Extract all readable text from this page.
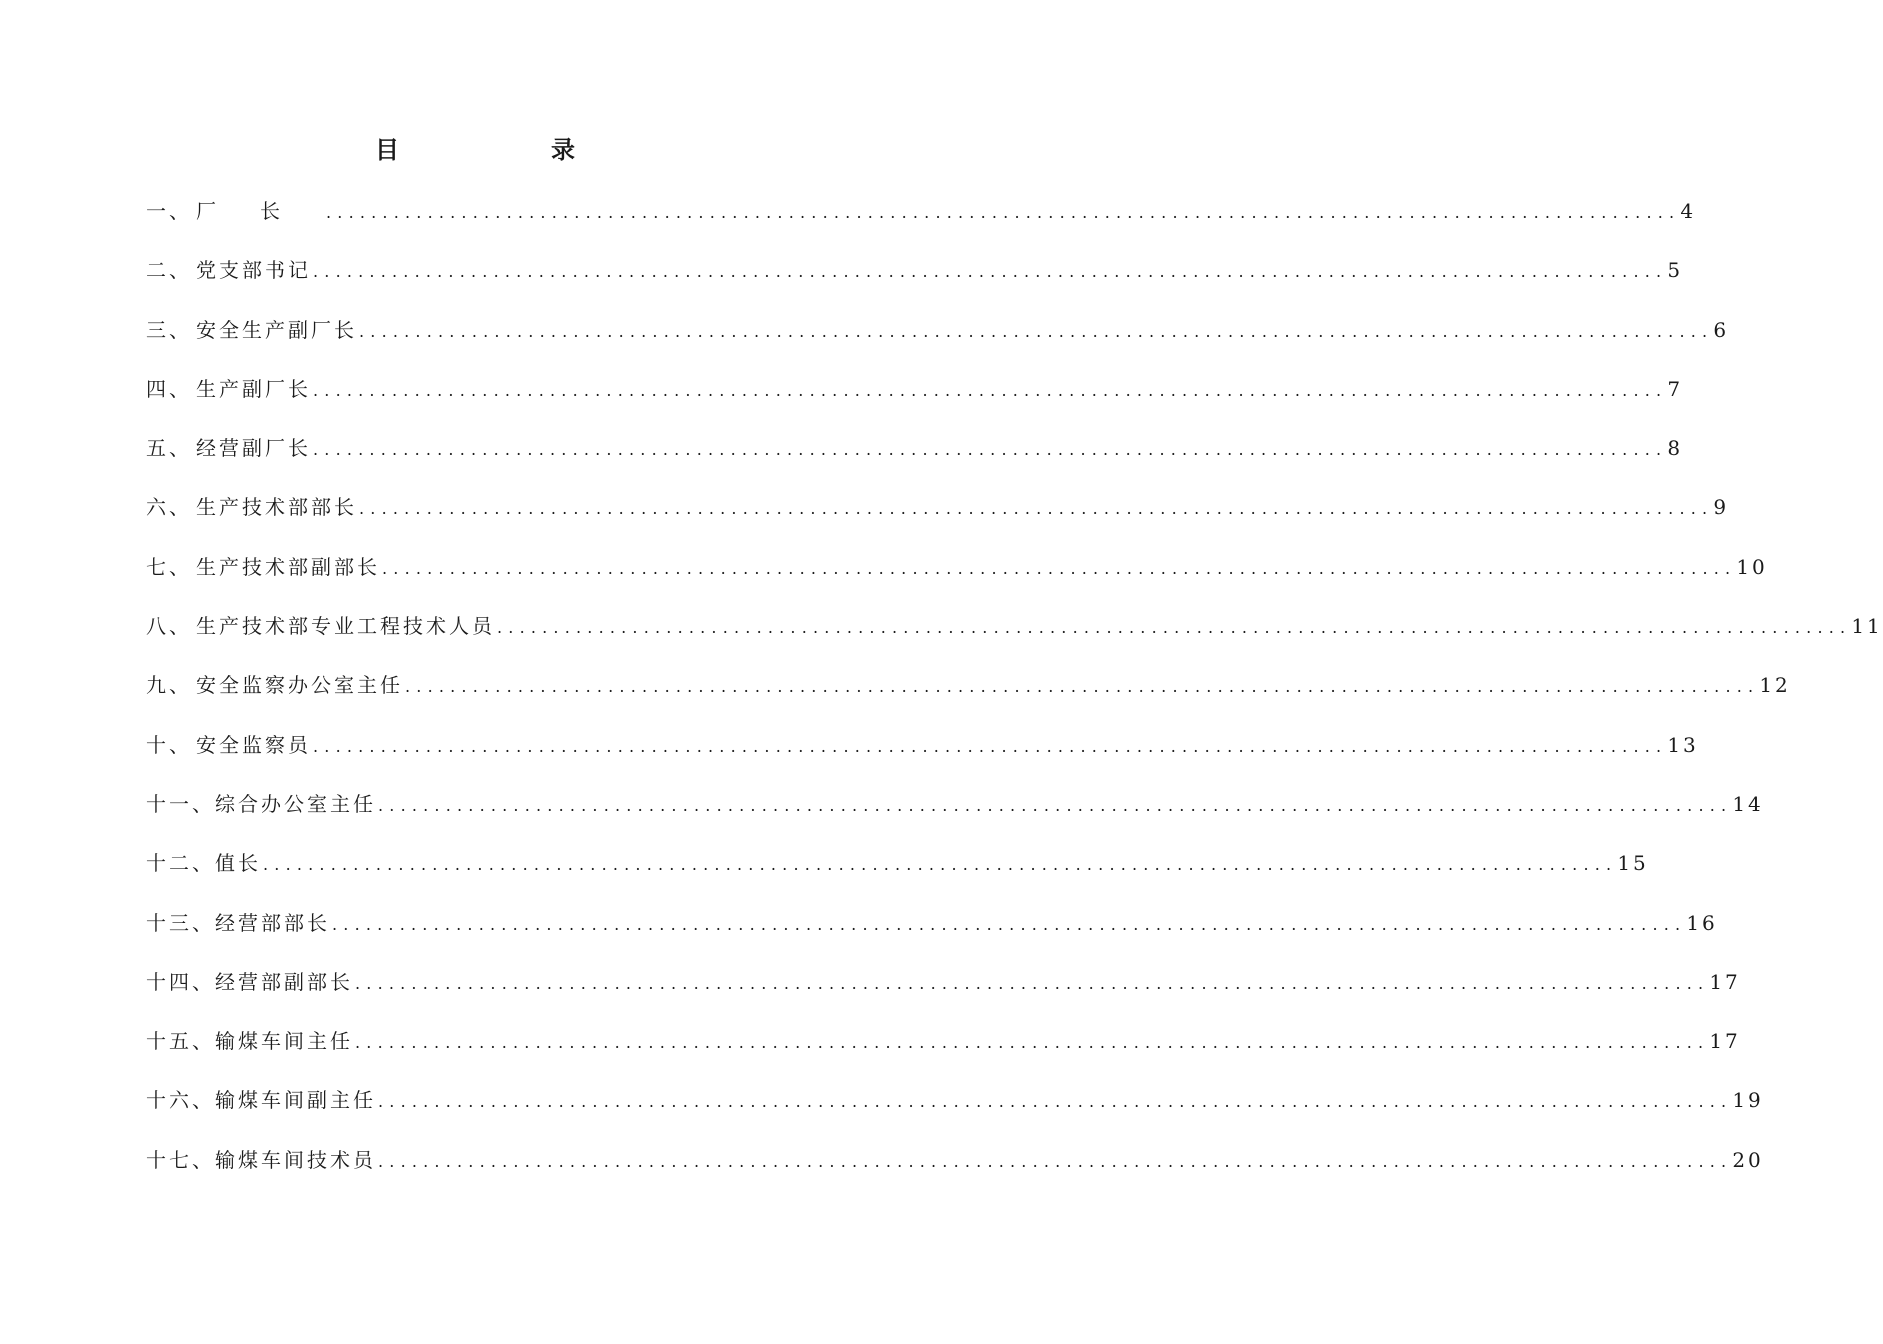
目　录
一、 厂长 ........................................................................................................................ 4
二、 党支部书记 ........................................................................................................................ 5
三、 安全生产副厂长 ........................................................................................................................ 6
四、 生产副厂长 ........................................................................................................................ 7
五、 经营副厂长 ........................................................................................................................ 8
六、 生产技术部部长 ........................................................................................................................ 9
七、 生产技术部副部长 ........................................................................................................................ 10
八、 生产技术部专业工程技术人员 ........................................................................................................................ 11
九、 安全监察办公室主任 ........................................................................................................................ 12
十、 安全监察员 ........................................................................................................................ 13
十一、 综合办公室主任 ........................................................................................................................ 14
十二、 值长 ........................................................................................................................ 15
十三、 经营部部长 ........................................................................................................................ 16
十四、 经营部副部长 ........................................................................................................................ 17
十五、 输煤车间主任 ........................................................................................................................ 17
十六、 输煤车间副主任 ........................................................................................................................ 19
十七、 输煤车间技术员 ........................................................................................................................ 20
